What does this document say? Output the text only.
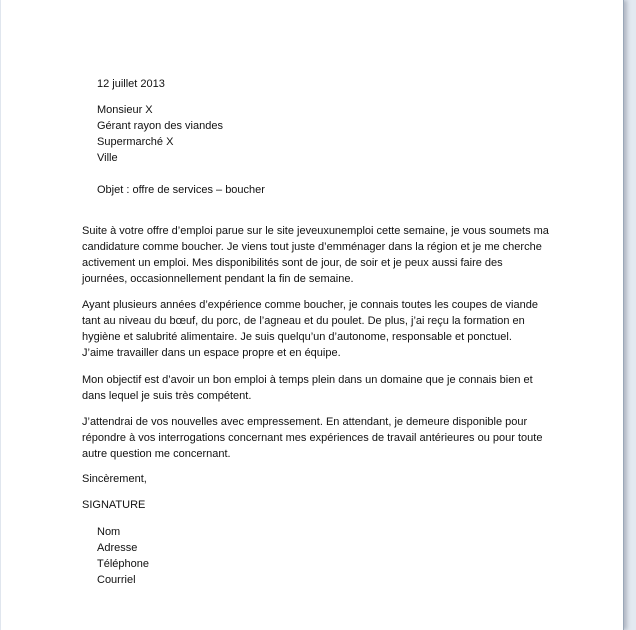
12 juillet 2013
Monsieur X
Gérant rayon des viandes
Supermarché X
Ville
Objet : offre de services – boucher
Suite à votre offre d’emploi parue sur le site jeveuxunemploi cette semaine, je vous soumets ma
candidature comme boucher. Je viens tout juste d’emménager dans la région et je me cherche
activement un emploi. Mes disponibilités sont de jour, de soir et je peux aussi faire des
journées, occasionnellement pendant la fin de semaine.
Ayant plusieurs années d’expérience comme boucher, je connais toutes les coupes de viande
tant au niveau du bœuf, du porc, de l’agneau et du poulet. De plus, j’ai reçu la formation en
hygiène et salubrité alimentaire. Je suis quelqu’un d’autonome, responsable et ponctuel.
J’aime travailler dans un espace propre et en équipe.
Mon objectif est d’avoir un bon emploi à temps plein dans un domaine que je connais bien et
dans lequel je suis très compétent.
J’attendrai de vos nouvelles avec empressement. En attendant, je demeure disponible pour
répondre à vos interrogations concernant mes expériences de travail antérieures ou pour toute
autre question me concernant.
Sincèrement,
SIGNATURE
Nom
Adresse
Téléphone
Courriel
